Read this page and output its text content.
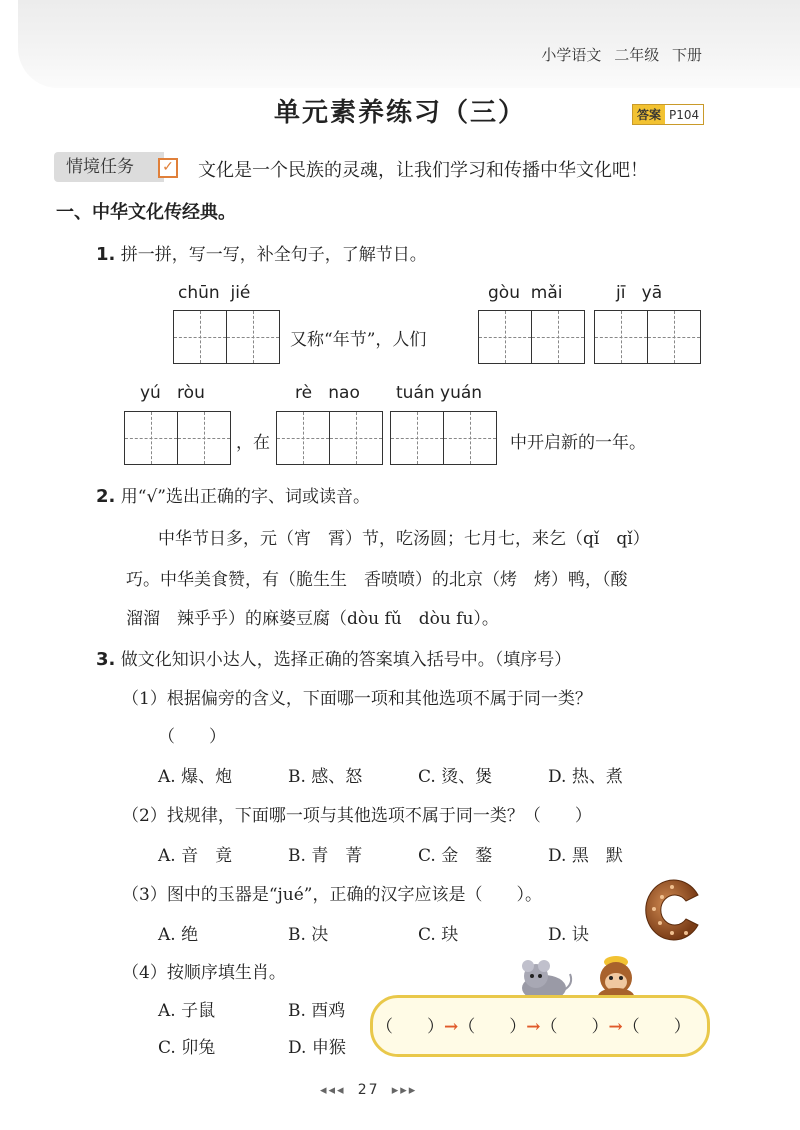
小学语文 二年级 下册
单元素养练习（三）	答案 P104
情境任务	✓ 文化是一个民族的灵魂，让我们学习和传播中华文化吧！
一、中华文化传经典。
1. 拼一拼，写一写，补全句子，了解节日。
chūn  jié	gòu  mǎi	jī   yā
又称“年节”，人们
yú   ròu	rè   nao tuán yuán
，在	中开启新的一年。
2. 用“√”选出正确的字、词或读音。
中华节日多，元（宵　霄）节，吃汤圆；七月七，来乞（qǐ　qǐ）
巧。中华美食赞，有（脆生生　香喷喷）的北京（烤　烤）鸭，（酸
溜溜　辣乎乎）的麻婆豆腐（dòu fǔ　dòu fu）。
3. 做文化知识小达人，选择正确的答案填入括号中。（填序号）
（1）根据偏旁的含义，下面哪一项和其他选项不属于同一类？
（　　）
A. 爆、炮	B. 感、怒	C. 烫、煲	D. 热、煮
（2）找规律，下面哪一项与其他选项不属于同一类？（　　）
A. 音　竟	B. 青　菁	C. 金　鍪	D. 黑　默
（3）图中的玉器是“jué”，正确的汉字应该是（　　）。
A. 绝	B. 决	C. 玦	D. 诀
（4）按顺序填生肖。
A. 子鼠	B. 酉鸡
C. 卯兔	D. 申猴
（　　）→（　　）→（　　）→（　　）
◂◂◂ 27 ▸▸▸
